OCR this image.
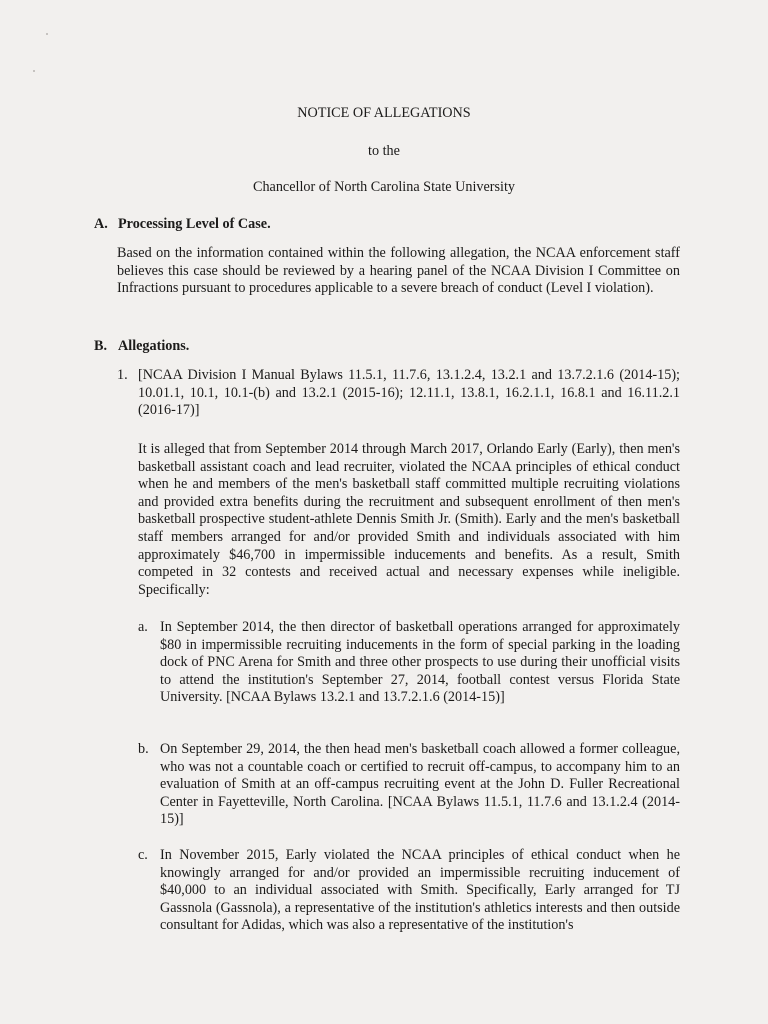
NOTICE OF ALLEGATIONS
to the
Chancellor of North Carolina State University
A. Processing Level of Case.

Based on the information contained within the following allegation, the NCAA enforcement staff believes this case should be reviewed by a hearing panel of the NCAA Division I Committee on Infractions pursuant to procedures applicable to a severe breach of conduct (Level I violation).

B. Allegations.
1. [NCAA Division I Manual Bylaws 11.5.1, 11.7.6, 13.1.2.4, 13.2.1 and 13.7.2.1.6 (2014-15); 10.01.1, 10.1, 10.1-(b) and 13.2.1 (2015-16); 12.11.1, 13.8.1, 16.2.1.1, 16.8.1 and 16.11.2.1 (2016-17)]

It is alleged that from September 2014 through March 2017, Orlando Early (Early), then men's basketball assistant coach and lead recruiter, violated the NCAA principles of ethical conduct when he and members of the men's basketball staff committed multiple recruiting violations and provided extra benefits during the recruitment and subsequent enrollment of then men's basketball prospective student-athlete Dennis Smith Jr. (Smith). Early and the men's basketball staff members arranged for and/or provided Smith and individuals associated with him approximately $46,700 in impermissible inducements and benefits. As a result, Smith competed in 32 contests and received actual and necessary expenses while ineligible. Specifically:

a. In September 2014, the then director of basketball operations arranged for approximately $80 in impermissible recruiting inducements in the form of special parking in the loading dock of PNC Arena for Smith and three other prospects to use during their unofficial visits to attend the institution's September 27, 2014, football contest versus Florida State University. [NCAA Bylaws 13.2.1 and 13.7.2.1.6 (2014-15)]

b. On September 29, 2014, the then head men's basketball coach allowed a former colleague, who was not a countable coach or certified to recruit off-campus, to accompany him to an evaluation of Smith at an off-campus recruiting event at the John D. Fuller Recreational Center in Fayetteville, North Carolina. [NCAA Bylaws 11.5.1, 11.7.6 and 13.1.2.4 (2014-15)]

c. In November 2015, Early violated the NCAA principles of ethical conduct when he knowingly arranged for and/or provided an impermissible recruiting inducement of $40,000 to an individual associated with Smith. Specifically, Early arranged for TJ Gassnola (Gassnola), a representative of the institution's athletics interests and then outside consultant for Adidas, which was also a representative of the institution's
